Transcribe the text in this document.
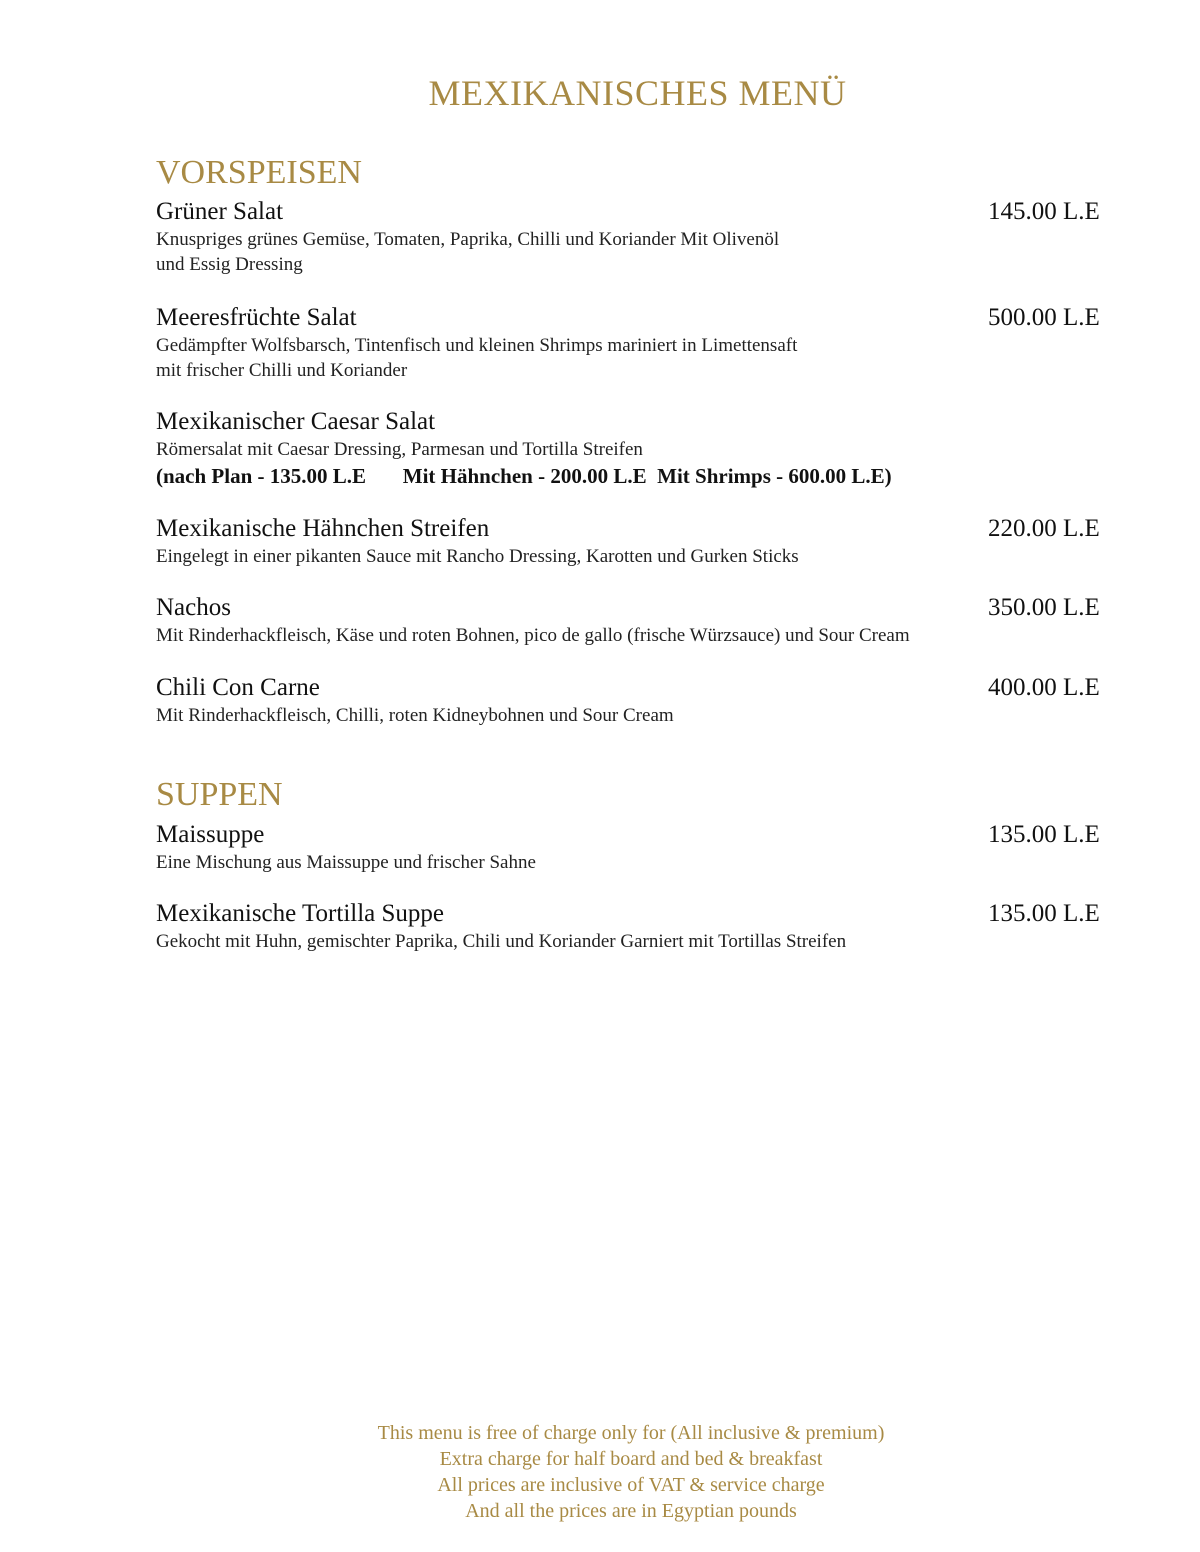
MEXIKANISCHES MENÜ
VORSPEISEN
Grüner Salat	145.00 L.E
Knuspriges grünes Gemüse, Tomaten, Paprika, Chilli und Koriander Mit Olivenöl
und Essig Dressing
Meeresfrüchte Salat	500.00 L.E
Gedämpfter Wolfsbarsch, Tintenfisch und kleinen Shrimps mariniert in Limettensaft
mit frischer Chilli und Koriander
Mexikanischer Caesar Salat
Römersalat mit Caesar Dressing, Parmesan und Tortilla Streifen
(nach Plan - 135.00 L.E       Mit Hähnchen - 200.00 L.E  Mit Shrimps - 600.00 L.E)
Mexikanische Hähnchen Streifen	220.00 L.E
Eingelegt in einer pikanten Sauce mit Rancho Dressing, Karotten und Gurken Sticks
Nachos	350.00 L.E
Mit Rinderhackfleisch, Käse und roten Bohnen, pico de gallo (frische Würzsauce) und Sour Cream
Chili Con Carne	400.00 L.E
Mit Rinderhackfleisch, Chilli, roten Kidneybohnen und Sour Cream
SUPPEN
Maissuppe	135.00 L.E
Eine Mischung aus Maissuppe und frischer Sahne
Mexikanische Tortilla Suppe	135.00 L.E
Gekocht mit Huhn, gemischter Paprika, Chili und Koriander Garniert mit Tortillas Streifen
This menu is free of charge only for (All inclusive & premium)
Extra charge for half board and bed & breakfast
All prices are inclusive of VAT & service charge
And all the prices are in Egyptian pounds
